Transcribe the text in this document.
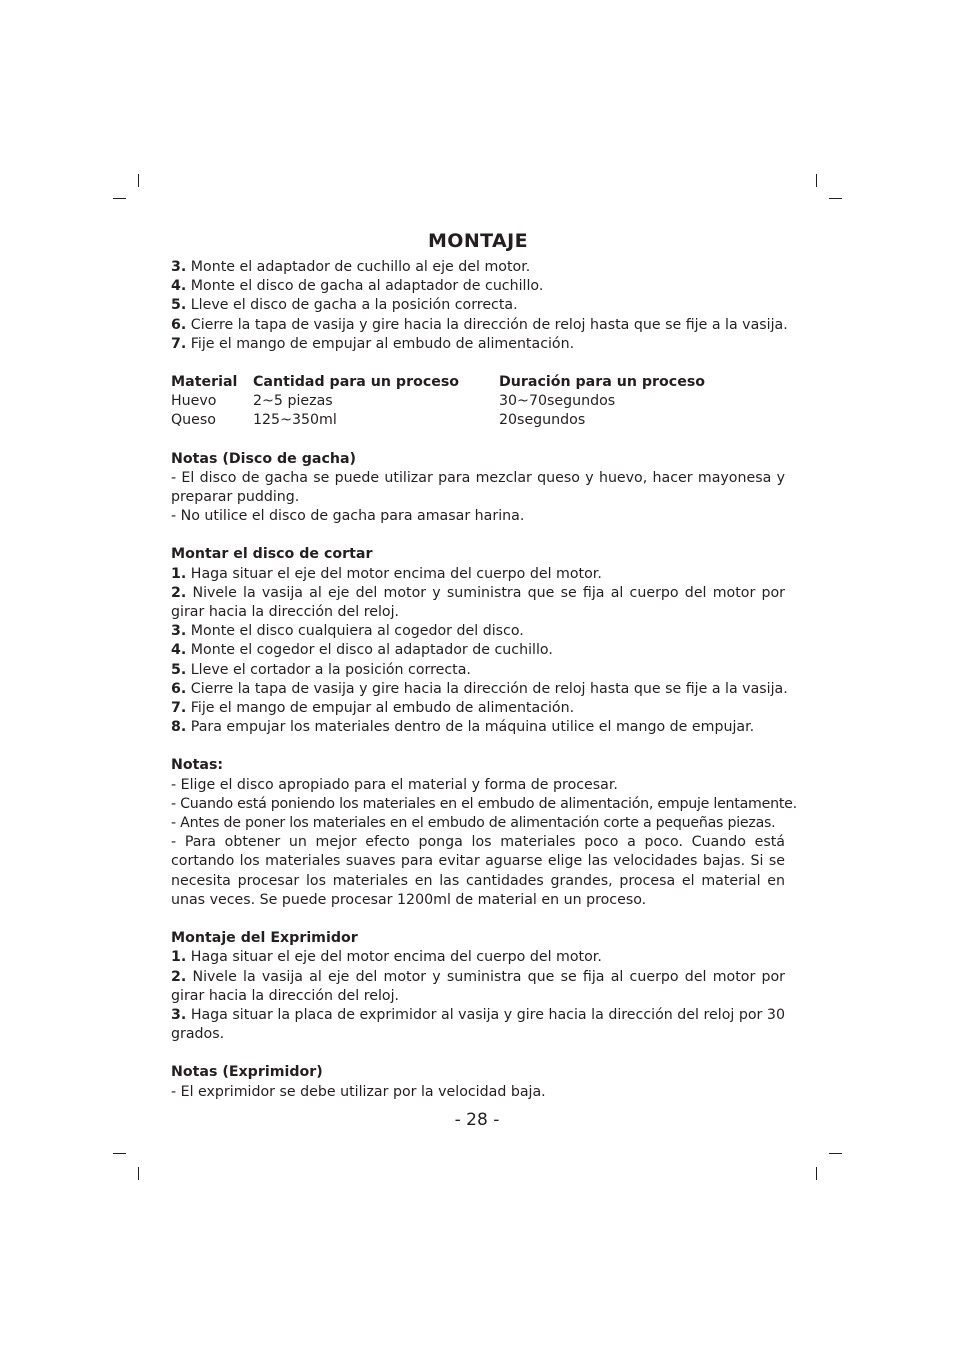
MONTAJE

3. Monte el adaptador de cuchillo al eje del motor.

4. Monte el disco de gacha al adaptador de cuchillo.

5. Lleve el disco de gacha a la posición correcta.

6. Cierre la tapa de vasija y gire hacia la dirección de reloj hasta que se fije a la vasija.

7. Fije el mango de empujar al embudo de alimentación.

Material	Cantidad para un proceso	Duración para un proceso
Huevo	2~5 piezas	30~70segundos
Queso	125~350ml	20segundos

Notas (Disco de gacha)

- El disco de gacha se puede utilizar para mezclar queso y huevo, hacer mayonesa y preparar pudding.

- No utilice el disco de gacha para amasar harina.

Montar el disco de cortar

1. Haga situar el eje del motor encima del cuerpo del motor.

2. Nivele la vasija al eje del motor y suministra que se fija al cuerpo del motor por girar hacia la dirección del reloj.

3. Monte el disco cualquiera al cogedor del disco.

4. Monte el cogedor el disco al adaptador de cuchillo.

5. Lleve el cortador a la posición correcta.

6. Cierre la tapa de vasija y gire hacia la dirección de reloj hasta que se fije a la vasija.

7. Fije el mango de empujar al embudo de alimentación.

8. Para empujar los materiales dentro de la máquina utilice el mango de empujar.

Notas:

- Elige el disco apropiado para el material y forma de procesar.

- Cuando está poniendo los materiales en el embudo de alimentación, empuje lentamente.

- Antes de poner los materiales en el embudo de alimentación corte a pequeñas piezas.

- Para obtener un mejor efecto ponga los materiales poco a poco. Cuando está cortando los materiales suaves para evitar aguarse elige las velocidades bajas. Si se necesita procesar los materiales en las cantidades grandes, procesa el material en unas veces. Se puede procesar 1200ml de material en un proceso.

Montaje del Exprimidor

1. Haga situar el eje del motor encima del cuerpo del motor.

2. Nivele la vasija al eje del motor y suministra que se fija al cuerpo del motor por girar hacia la dirección del reloj.

3. Haga situar la placa de exprimidor al vasija y gire hacia la dirección del reloj por 30 grados.

Notas (Exprimidor)

- El exprimidor se debe utilizar por la velocidad baja.

- 28 -
